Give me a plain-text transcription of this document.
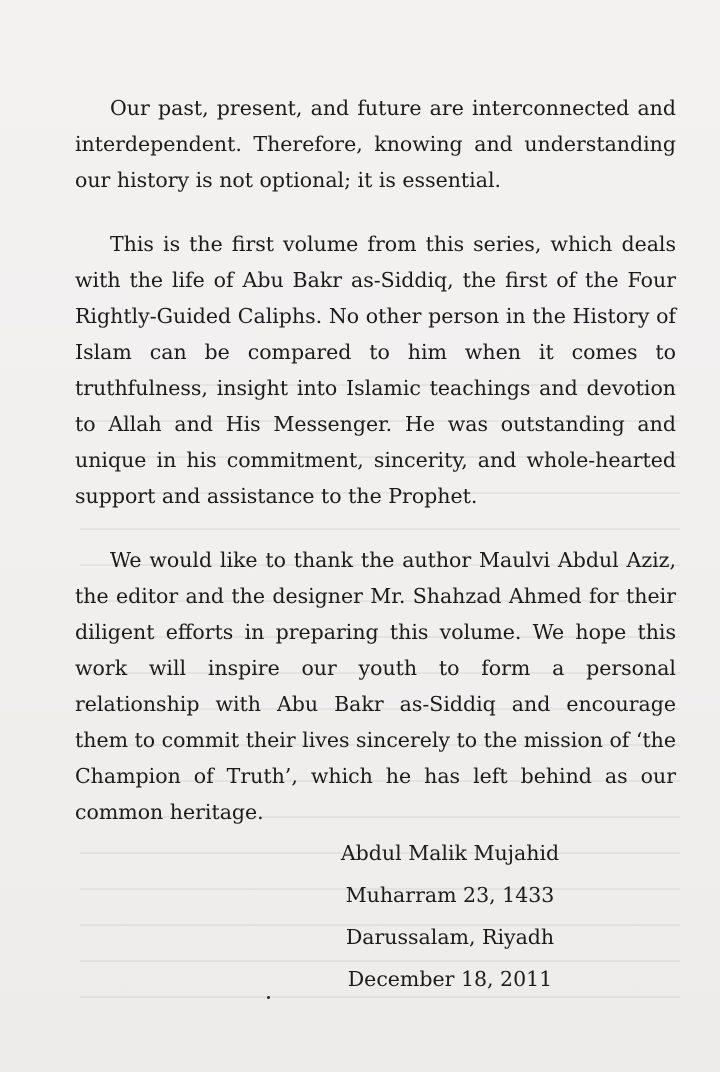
Our past, present, and future are interconnected and interdependent. Therefore, knowing and understanding our history is not optional; it is essential.

This is the first volume from this series, which deals with the life of Abu Bakr as-Siddiq, the first of the Four Rightly-Guided Caliphs. No other person in the History of Islam can be compared to him when it comes to truthfulness, insight into Islamic teachings and devotion to Allah and His Messenger. He was outstanding and unique in his commitment, sincerity, and whole-hearted support and assistance to the Prophet.

We would like to thank the author Maulvi Abdul Aziz, the editor and the designer Mr. Shahzad Ahmed for their diligent efforts in preparing this volume. We hope this work will inspire our youth to form a personal relationship with Abu Bakr as-Siddiq and encourage them to commit their lives sincerely to the mission of ‘the Champion of Truth’, which he has left behind as our common heritage.

Abdul Malik Mujahid
Muharram 23, 1433
Darussalam, Riyadh
December 18, 2011
